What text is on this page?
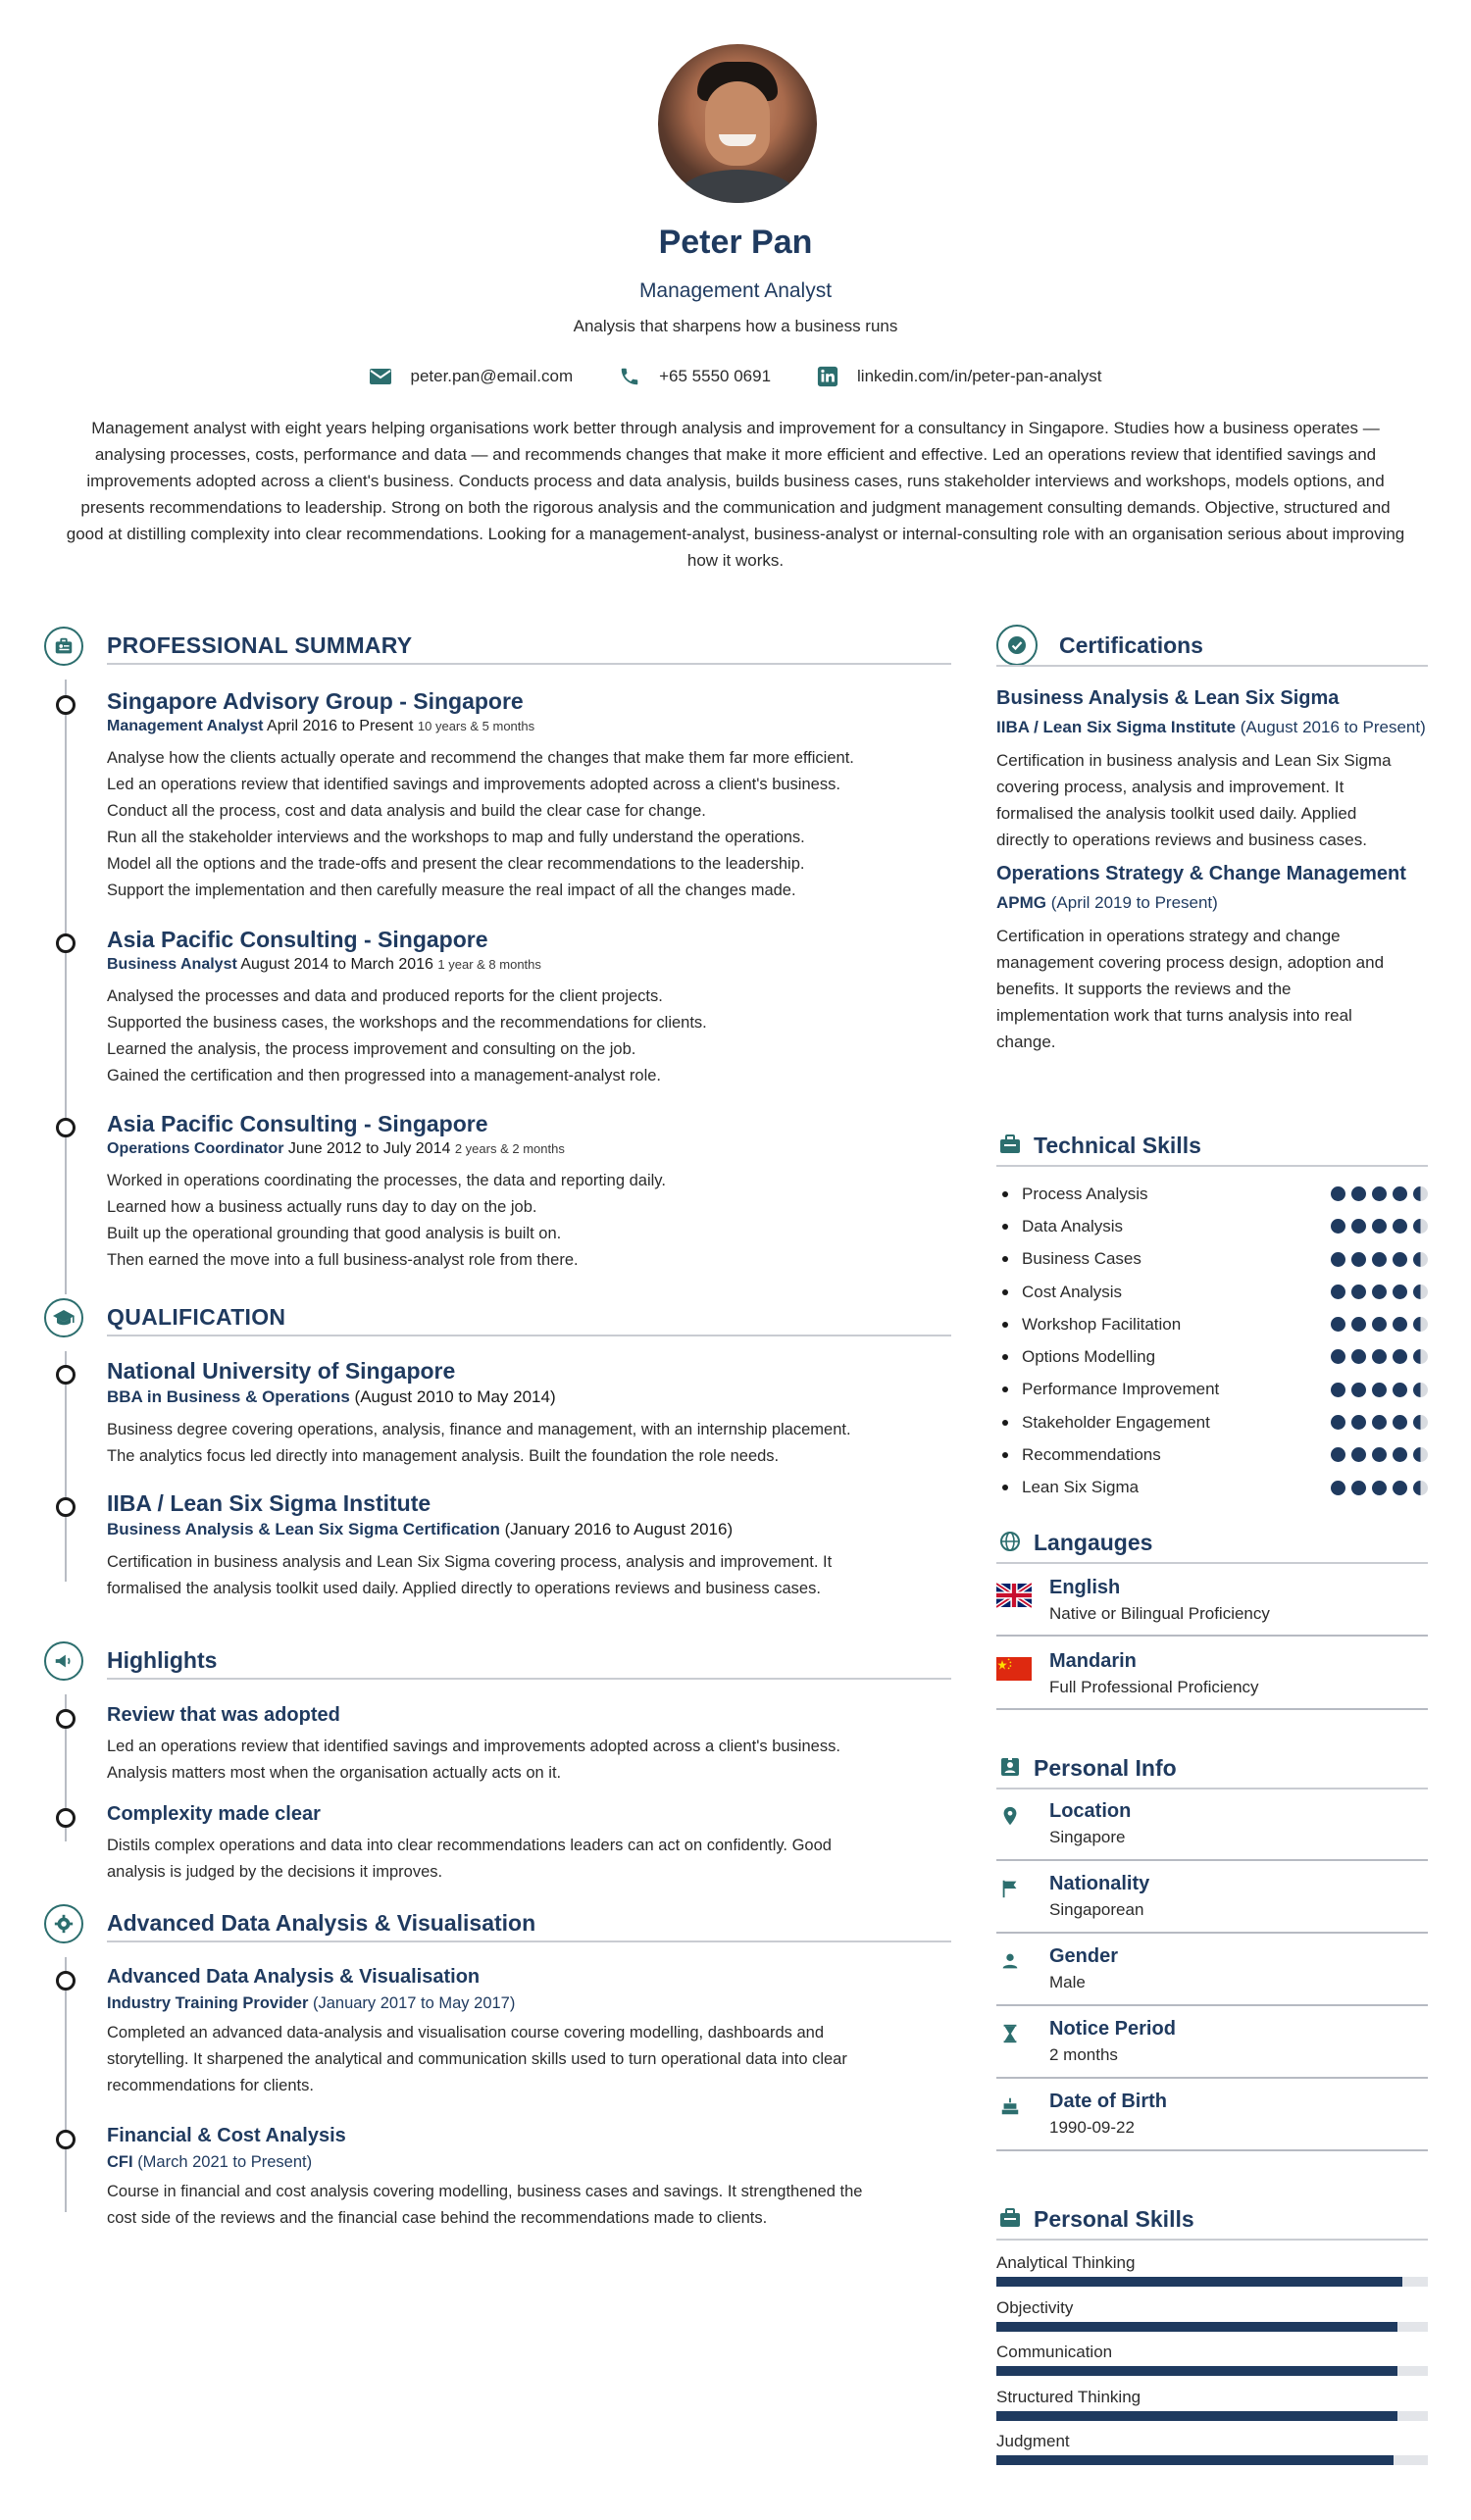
Peter Pan
Management Analyst
Analysis that sharpens how a business runs
peter.pan@email.com	+65 5550 0691	linkedin.com/in/peter-pan-analyst
Management analyst with eight years helping organisations work better through analysis and improvement for a consultancy in Singapore. Studies how a business operates — analysing processes, costs, performance and data — and recommends changes that make it more efficient and effective. Led an operations review that identified savings and improvements adopted across a client's business. Conducts process and data analysis, builds business cases, runs stakeholder interviews and workshops, models options, and presents recommendations to leadership. Strong on both the rigorous analysis and the communication and judgment management consulting demands. Objective, structured and good at distilling complexity into clear recommendations. Looking for a management-analyst, business-analyst or internal-consulting role with an organisation serious about improving how it works.
PROFESSIONAL SUMMARY
Singapore Advisory Group - Singapore
Management Analyst April 2016 to Present 10 years & 5 months
Analyse how the clients actually operate and recommend the changes that make them far more efficient.
Led an operations review that identified savings and improvements adopted across a client's business.
Conduct all the process, cost and data analysis and build the clear case for change.
Run all the stakeholder interviews and the workshops to map and fully understand the operations.
Model all the options and the trade-offs and present the clear recommendations to the leadership.
Support the implementation and then carefully measure the real impact of all the changes made.
Asia Pacific Consulting - Singapore
Business Analyst August 2014 to March 2016 1 year & 8 months
Analysed the processes and data and produced reports for the client projects.
Supported the business cases, the workshops and the recommendations for clients.
Learned the analysis, the process improvement and consulting on the job.
Gained the certification and then progressed into a management-analyst role.
Asia Pacific Consulting - Singapore
Operations Coordinator June 2012 to July 2014 2 years & 2 months
Worked in operations coordinating the processes, the data and reporting daily.
Learned how a business actually runs day to day on the job.
Built up the operational grounding that good analysis is built on.
Then earned the move into a full business-analyst role from there.
QUALIFICATION
National University of Singapore
BBA in Business & Operations (August 2010 to May 2014)
Business degree covering operations, analysis, finance and management, with an internship placement.
The analytics focus led directly into management analysis. Built the foundation the role needs.
IIBA / Lean Six Sigma Institute
Business Analysis & Lean Six Sigma Certification (January 2016 to August 2016)
Certification in business analysis and Lean Six Sigma covering process, analysis and improvement. It
formalised the analysis toolkit used daily. Applied directly to operations reviews and business cases.
Highlights
Review that was adopted
Led an operations review that identified savings and improvements adopted across a client's business.
Analysis matters most when the organisation actually acts on it.
Complexity made clear
Distils complex operations and data into clear recommendations leaders can act on confidently. Good
analysis is judged by the decisions it improves.
Advanced Data Analysis & Visualisation
Advanced Data Analysis & Visualisation
Industry Training Provider (January 2017 to May 2017)
Completed an advanced data-analysis and visualisation course covering modelling, dashboards and
storytelling. It sharpened the analytical and communication skills used to turn operational data into clear
recommendations for clients.
Financial & Cost Analysis
CFI (March 2021 to Present)
Course in financial and cost analysis covering modelling, business cases and savings. It strengthened the
cost side of the reviews and the financial case behind the recommendations made to clients.
Certifications
Business Analysis & Lean Six Sigma
IIBA / Lean Six Sigma Institute (August 2016 to Present)
Certification in business analysis and Lean Six Sigma
covering process, analysis and improvement. It
formalised the analysis toolkit used daily. Applied
directly to operations reviews and business cases.
Operations Strategy & Change Management
APMG (April 2019 to Present)
Certification in operations strategy and change
management covering process design, adoption and
benefits. It supports the reviews and the
implementation work that turns analysis into real
change.
Technical Skills
Process Analysis
Data Analysis
Business Cases
Cost Analysis
Workshop Facilitation
Options Modelling
Performance Improvement
Stakeholder Engagement
Recommendations
Lean Six Sigma
Langauges
English
Native or Bilingual Proficiency
Mandarin
Full Professional Proficiency
Personal Info
Location
Singapore
Nationality
Singaporean
Gender
Male
Notice Period
2 months
Date of Birth
1990-09-22
Personal Skills
Analytical Thinking
Objectivity
Communication
Structured Thinking
Judgment
